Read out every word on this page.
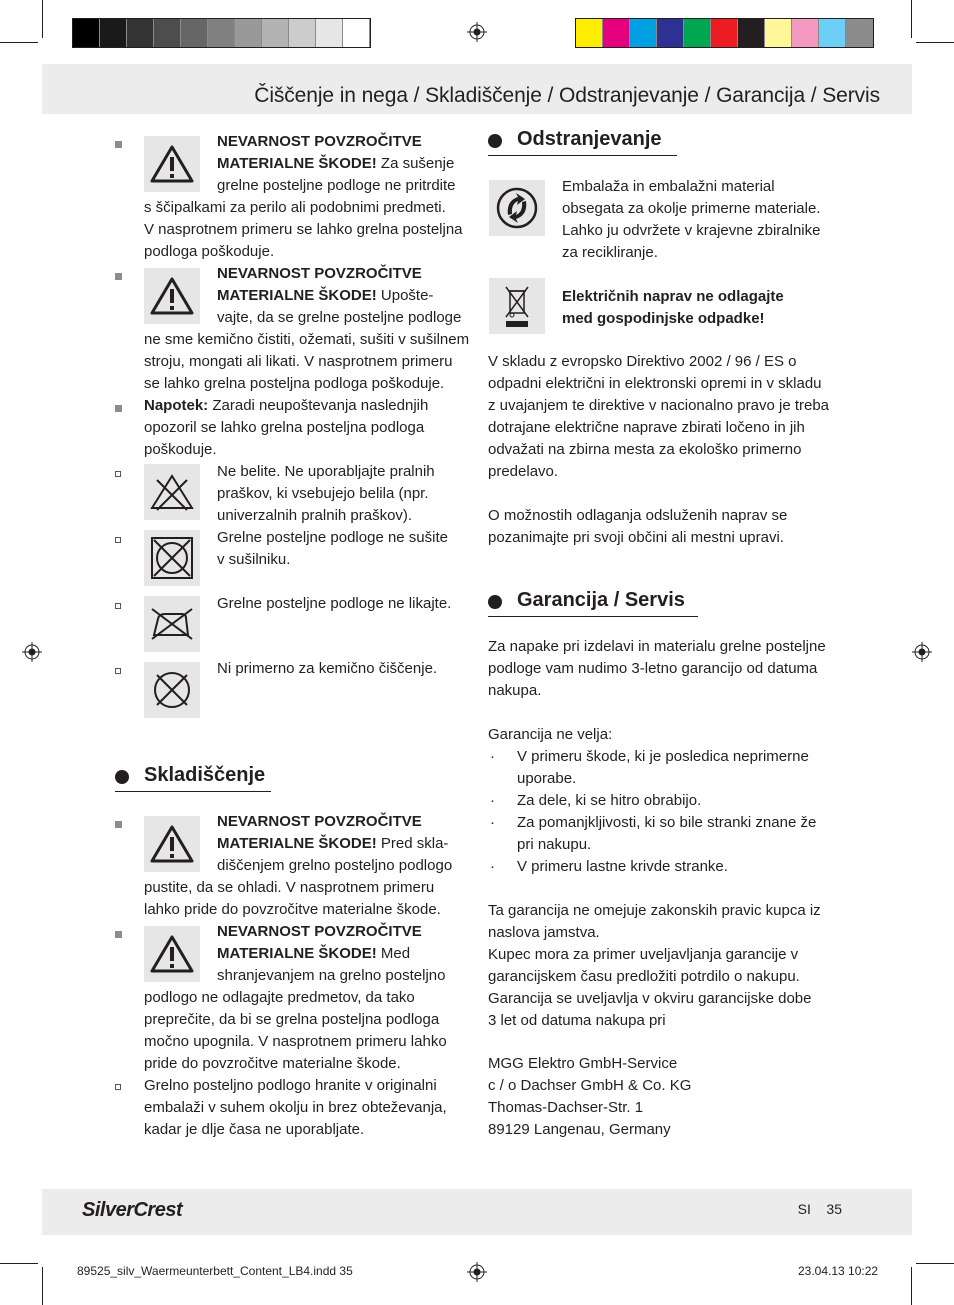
Čiščenje in nega / Skladiščenje / Odstranjevanje / Garancija / Servis
NEVARNOST POVZROČITVE
MATERIALNE ŠKODE! Za sušenje
grelne posteljne podloge ne pritrdite
s ščipalkami za perilo ali podobnimi predmeti.
V nasprotnem primeru se lahko grelna posteljna
podloga poškoduje.
NEVARNOST POVZROČITVE
MATERIALNE ŠKODE! Upošte-
vajte, da se grelne posteljne podloge
ne sme kemično čistiti, ožemati, sušiti v sušilnem
stroju, mongati ali likati. V nasprotnem primeru
se lahko grelna posteljna podloga poškoduje.
Napotek: Zaradi neupoštevanja naslednjih
opozoril se lahko grelna posteljna podloga
poškoduje.
Ne belite. Ne uporabljajte pralnih
praškov, ki vsebujejo belila (npr.
univerzalnih pralnih praškov).
Grelne posteljne podloge ne sušite
v sušilniku.
Grelne posteljne podloge ne likajte.
Ni primerno za kemično čiščenje.
Skladiščenje
NEVARNOST POVZROČITVE
MATERIALNE ŠKODE! Pred skla-
diščenjem grelno posteljno podlogo
pustite, da se ohladi. V nasprotnem primeru
lahko pride do povzročitve materialne škode.
NEVARNOST POVZROČITVE
MATERIALNE ŠKODE! Med
shranjevanjem na grelno posteljno
podlogo ne odlagajte predmetov, da tako
preprečite, da bi se grelna posteljna podloga
močno upognila. V nasprotnem primeru lahko
pride do povzročitve materialne škode.
Grelno posteljno podlogo hranite v originalni
embalaži v suhem okolju in brez obteževanja,
kadar je dlje časa ne uporabljate.
Odstranjevanje
Embalaža in embalažni material
obsegata za okolje primerne materiale.
Lahko ju odvržete v krajevne zbiralnike
za recikliranje.
Električnih naprav ne odlagajte
med gospodinjske odpadke!
V skladu z evropsko Direktivo 2002 / 96 / ES o
odpadni električni in elektronski opremi in v skladu
z uvajanjem te direktive v nacionalno pravo je treba
dotrajane električne naprave zbirati ločeno in jih
odvažati na zbirna mesta za ekološko primerno
predelavo.
O možnostih odlaganja odsluženih naprav se
pozanimajte pri svoji občini ali mestni upravi.
Garancija / Servis
Za napake pri izdelavi in materialu grelne posteljne
podloge vam nudimo 3-letno garancijo od datuma
nakupa.
Garancija ne velja:
· V primeru škode, ki je posledica neprimerne
uporabe.
· Za dele, ki se hitro obrabijo.
· Za pomanjkljivosti, ki so bile stranki znane že
pri nakupu.
· V primeru lastne krivde stranke.
Ta garancija ne omejuje zakonskih pravic kupca iz
naslova jamstva.
Kupec mora za primer uveljavljanja garancije v
garancijskem času predložiti potrdilo o nakupu.
Garancija se uveljavlja v okviru garancijske dobe
3 let od datuma nakupa pri
MGG Elektro GmbH-Service
c / o Dachser GmbH & Co. KG
Thomas-Dachser-Str. 1
89129 Langenau, Germany
SilverCrest	SI 35
89525_silv_Waermeunterbett_Content_LB4.indd 35	23.04.13 10:22
